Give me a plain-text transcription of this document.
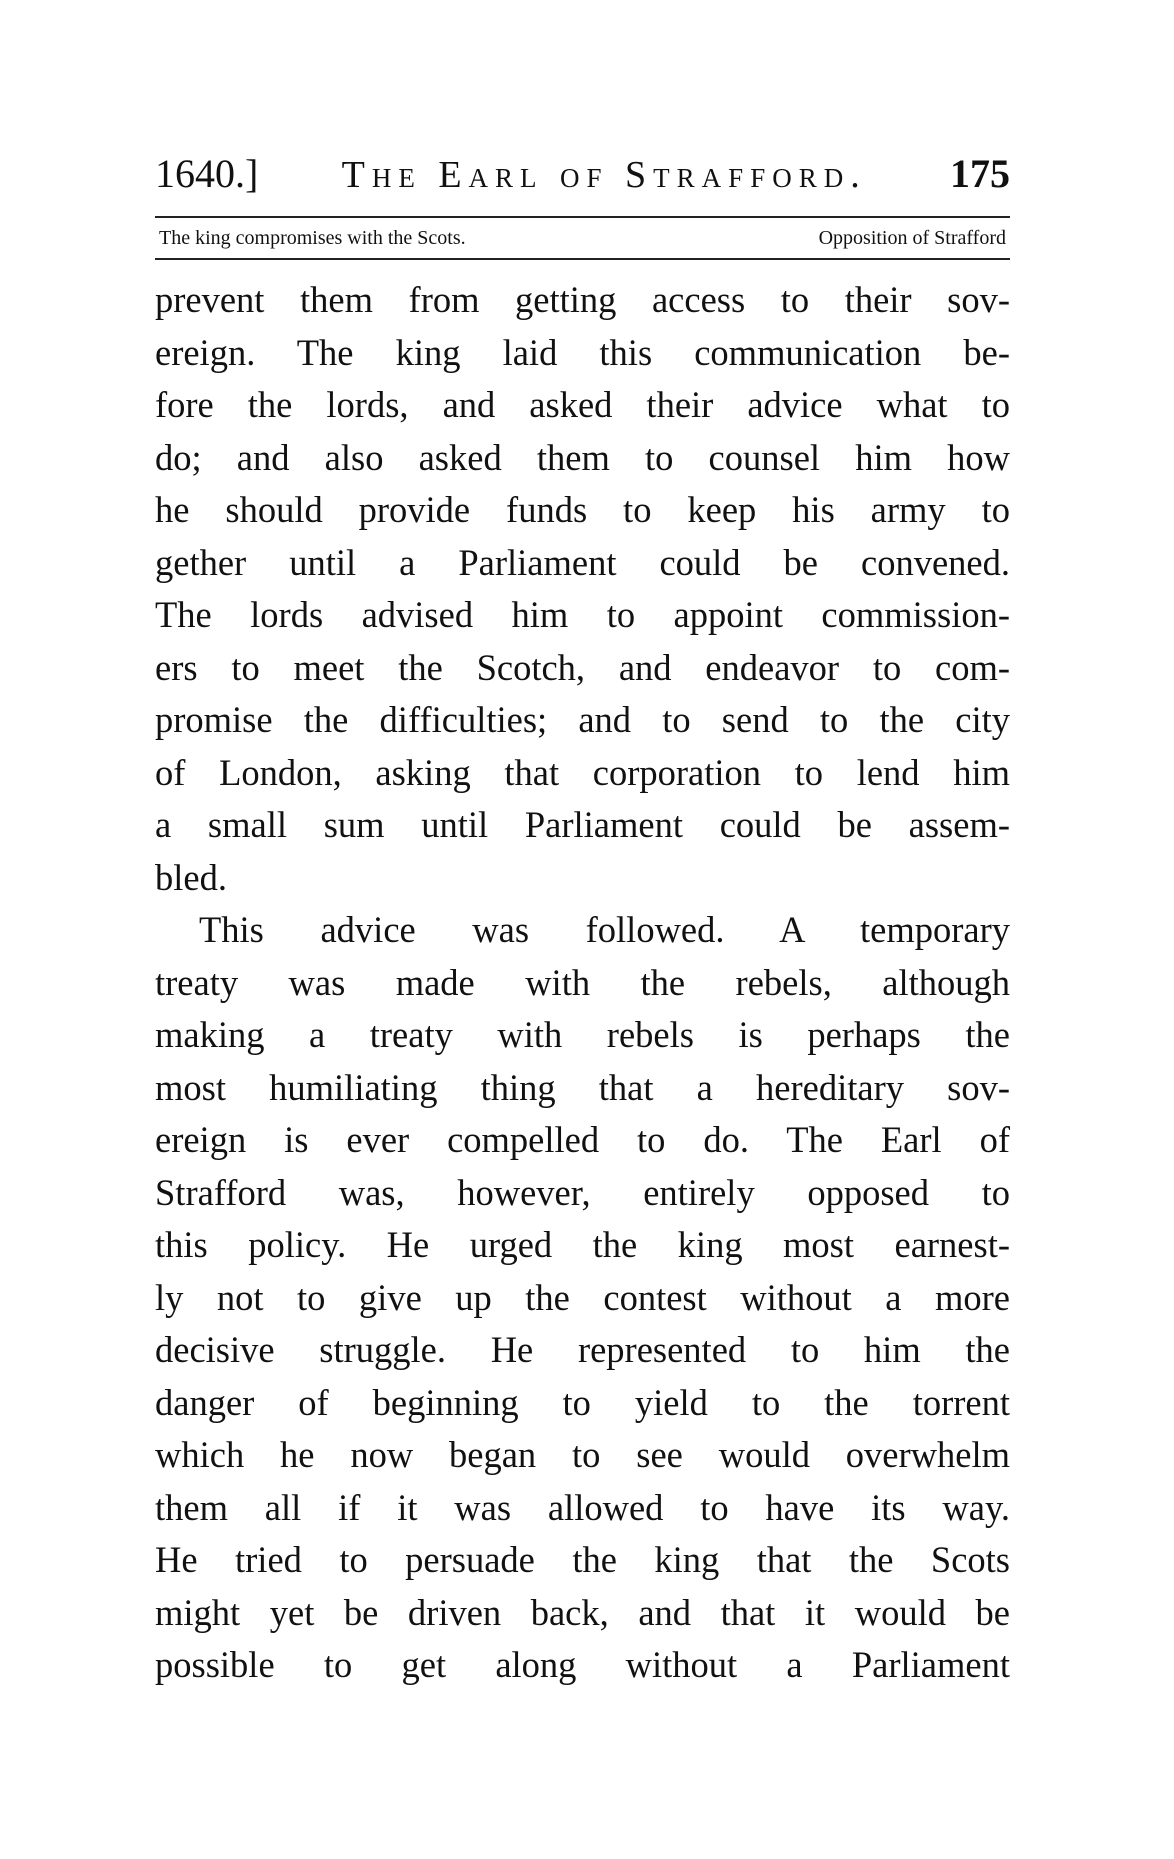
1640.] The Earl of Strafford. 175
The king compromises with the Scots.	Opposition of Strafford
prevent them from getting access to their sov-
ereign. The king laid this communication be-
fore the lords, and asked their advice what to
do; and also asked them to counsel him how
he should provide funds to keep his army to
gether until a Parliament could be convened.
The lords advised him to appoint commission-
ers to meet the Scotch, and endeavor to com-
promise the difficulties; and to send to the city
of London, asking that corporation to lend him
a small sum until Parliament could be assem-
bled.
This advice was followed. A temporary
treaty was made with the rebels, although
making a treaty with rebels is perhaps the
most humiliating thing that a hereditary sov-
ereign is ever compelled to do. The Earl of
Strafford was, however, entirely opposed to
this policy. He urged the king most earnest-
ly not to give up the contest without a more
decisive struggle. He represented to him the
danger of beginning to yield to the torrent
which he now began to see would overwhelm
them all if it was allowed to have its way.
He tried to persuade the king that the Scots
might yet be driven back, and that it would be
possible to get along without a Parliament
